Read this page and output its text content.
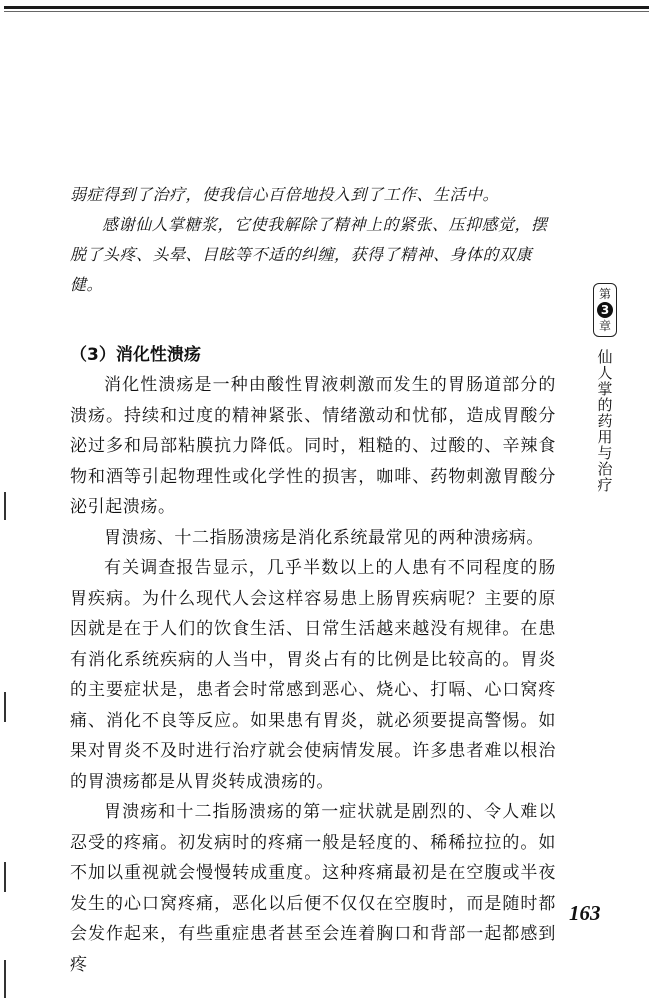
弱症得到了治疗，使我信心百倍地投入到了工作、生活中。

感谢仙人掌糖浆，它使我解除了精神上的紧张、压抑感觉，摆脱了头疼、头晕、目眩等不适的纠缠，获得了精神、身体的双康健。

（3）消化性溃疡

消化性溃疡是一种由酸性胃液刺激而发生的胃肠道部分的溃疡。持续和过度的精神紧张、情绪激动和忧郁，造成胃酸分泌过多和局部粘膜抗力降低。同时，粗糙的、过酸的、辛辣食物和酒等引起物理性或化学性的损害，咖啡、药物刺激胃酸分泌引起溃疡。

胃溃疡、十二指肠溃疡是消化系统最常见的两种溃疡病。

有关调查报告显示，几乎半数以上的人患有不同程度的肠胃疾病。为什么现代人会这样容易患上肠胃疾病呢？主要的原因就是在于人们的饮食生活、日常生活越来越没有规律。在患有消化系统疾病的人当中，胃炎占有的比例是比较高的。胃炎的主要症状是，患者会时常感到恶心、烧心、打嗝、心口窝疼痛、消化不良等反应。如果患有胃炎，就必须要提高警惕。如果对胃炎不及时进行治疗就会使病情发展。许多患者难以根治的胃溃疡都是从胃炎转成溃疡的。

胃溃疡和十二指肠溃疡的第一症状就是剧烈的、令人难以忍受的疼痛。初发病时的疼痛一般是轻度的、稀稀拉拉的。如不加以重视就会慢慢转成重度。这种疼痛最初是在空腹或半夜发生的心口窝疼痛，恶化以后便不仅仅在空腹时，而是随时都会发作起来，有些重症患者甚至会连着胸口和背部一起都感到疼

第
3
章
仙人掌的药用与治疗
163
